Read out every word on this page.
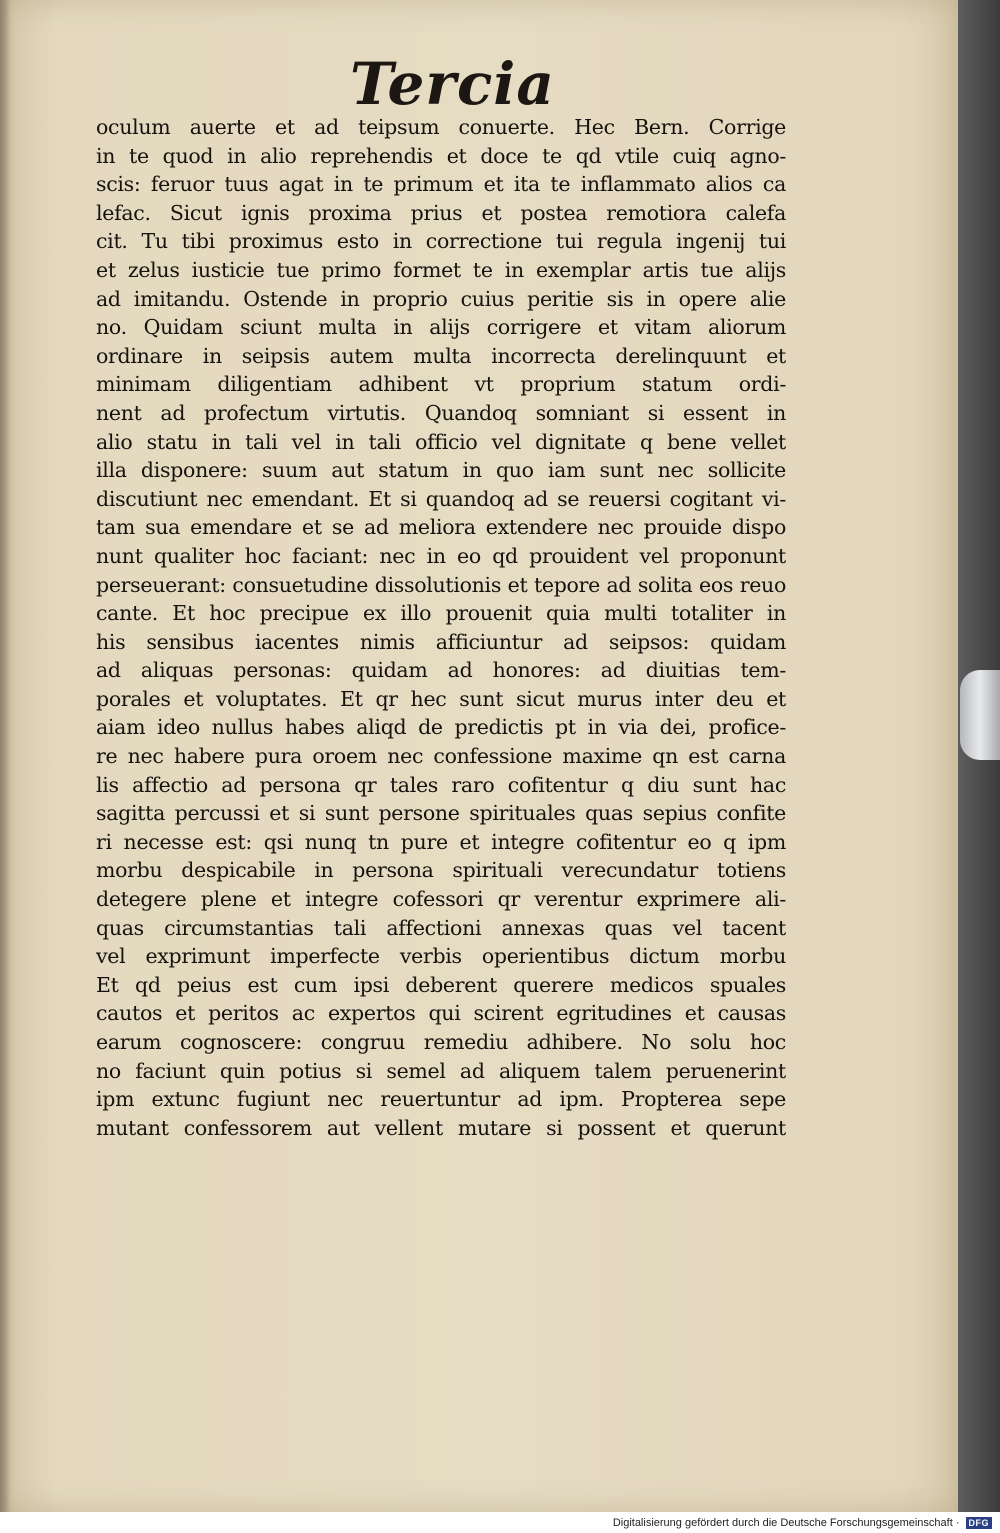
Tercia
oculum auerte et ad teipsum conuerte. Hec Bern. Corrige
in te quod in alio reprehendis et doce te qd vtile cuiq agno‑
scis: feruor tuus agat in te primum et ita te inflammato alios ca
lefac. Sicut ignis proxima prius et postea remotiora calefa
cit. Tu tibi proximus esto in correctione tui regula ingenij tui
et zelus iusticie tue primo formet te in exemplar artis tue alijs
ad imitandu. Ostende in proprio cuius peritie sis in opere alie
no. Quidam sciunt multa in alijs corrigere et vitam aliorum
ordinare in seipsis autem multa incorrecta derelinquunt et
minimam diligentiam adhibent vt proprium statum ordi‑
nent ad profectum virtutis. Quandoq somniant si essent in
alio statu in tali vel in tali officio vel dignitate q bene vellet
illa disponere: suum aut statum in quo iam sunt nec sollicite
discutiunt nec emendant. Et si quandoq ad se reuersi cogitant vi‑
tam sua emendare et se ad meliora extendere nec prouide dispo
nunt qualiter hoc faciant: nec in eo qd prouident vel proponunt
perseuerant: consuetudine dissolutionis et tepore ad solita eos reuo
cante. Et hoc precipue ex illo prouenit quia multi totaliter in
his sensibus iacentes nimis afficiuntur ad seipsos: quidam
ad aliquas personas: quidam ad honores: ad diuitias tem‑
porales et voluptates. Et qr hec sunt sicut murus inter deu et
aiam ideo nullus habes aliqd de predictis pt in via dei, profice‑
re nec habere pura oroem nec confessione maxime qn est carna
lis affectio ad persona qr tales raro cofitentur q diu sunt hac
sagitta percussi et si sunt persone spirituales quas sepius confite
ri necesse est: qsi nunq tn pure et integre cofitentur eo q ipm
morbu despicabile in persona spirituali verecundatur totiens
detegere plene et integre cofessori qr verentur exprimere ali‑
quas circumstantias tali affectioni annexas quas vel tacent
vel exprimunt imperfecte verbis operientibus dictum morbu
Et qd peius est cum ipsi deberent querere medicos spuales
cautos et peritos ac expertos qui scirent egritudines et causas
earum cognoscere: congruu remediu adhibere. No solu hoc
no faciunt quin potius si semel ad aliquem talem peruenerint
ipm extunc fugiunt nec reuertuntur ad ipm. Propterea sepe
mutant confessorem aut vellent mutare si possent et querunt
Digitalisierung gefördert durch die Deutsche Forschungsgemeinschaft ·	DFG
